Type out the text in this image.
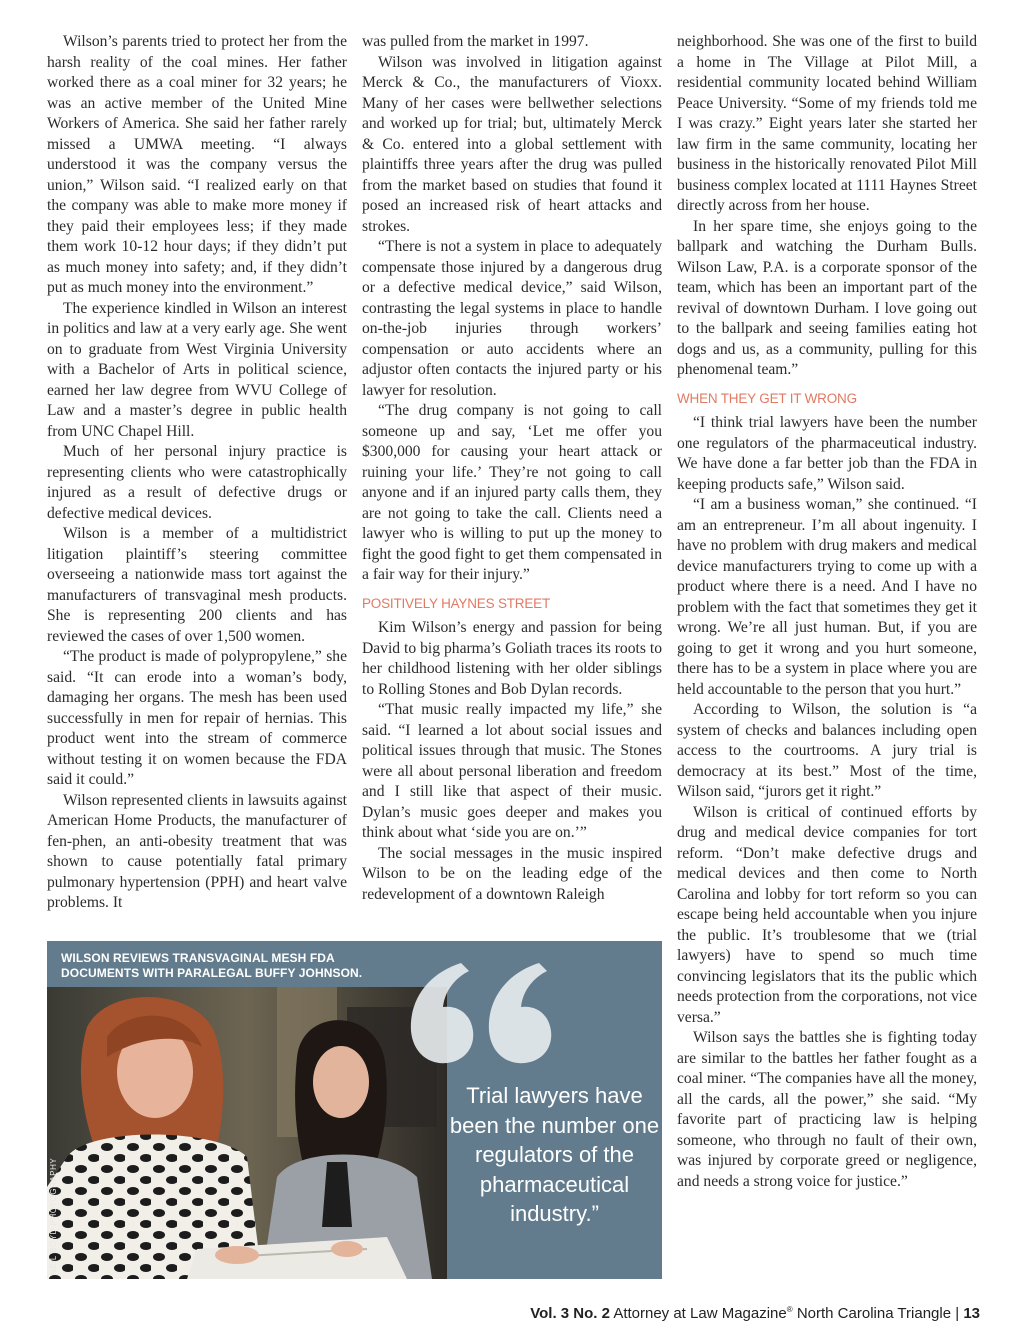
Wilson’s parents tried to protect her from the harsh reality of the coal mines. Her father worked there as a coal miner for 32 years; he was an active member of the United Mine Workers of America. She said her father rarely missed a UMWA meeting. “I always understood it was the company versus the union,” Wilson said. “I realized early on that the company was able to make more money if they paid their employees less; if they made them work 10-12 hour days; if they didn’t put as much money into safety; and, if they didn’t put as much money into the environment.”

The experience kindled in Wilson an interest in politics and law at a very early age. She went on to graduate from West Virginia University with a Bachelor of Arts in political science, earned her law degree from WVU College of Law and a master’s degree in public health from UNC Chapel Hill.

Much of her personal injury practice is representing clients who were catastrophically injured as a result of defective drugs or defective medical devices.

Wilson is a member of a multidistrict litigation plaintiff’s steering committee overseeing a nationwide mass tort against the manufacturers of transvaginal mesh products. She is representing 200 clients and has reviewed the cases of over 1,500 women.

“The product is made of polypropylene,” she said. “It can erode into a woman’s body, damaging her organs. The mesh has been used successfully in men for repair of hernias. This product went into the stream of commerce without testing it on women because the FDA said it could.”

Wilson represented clients in lawsuits against American Home Products, the manufacturer of fen-phen, an anti-obesity treatment that was shown to cause potentially fatal primary pulmonary hypertension (PPH) and heart valve problems. It

was pulled from the market in 1997.

Wilson was involved in litigation against Merck & Co., the manufacturers of Vioxx. Many of her cases were bellwether selections and worked up for trial; but, ultimately Merck & Co. entered into a global settlement with plaintiffs three years after the drug was pulled from the market based on studies that found it posed an increased risk of heart attacks and strokes.

“There is not a system in place to adequately compensate those injured by a dangerous drug or a defective medical device,” said Wilson, contrasting the legal systems in place to handle on-the-job injuries through workers’ compensation or auto accidents where an adjustor often contacts the injured party or his lawyer for resolution.

“The drug company is not going to call someone up and say, ‘Let me offer you $300,000 for causing your heart attack or ruining your life.’ They’re not going to call anyone and if an injured party calls them, they are not going to take the call. Clients need a lawyer who is willing to put up the money to fight the good fight to get them compensated in a fair way for their injury.”

POSITIVELY HAYNES STREET

Kim Wilson’s energy and passion for being David to big pharma’s Goliath traces its roots to her childhood listening with her older siblings to Rolling Stones and Bob Dylan records.

“That music really impacted my life,” she said. “I learned a lot about social issues and political issues through that music. The Stones were all about personal liberation and freedom and I still like that aspect of their music. Dylan’s music goes deeper and makes you think about what ‘side you are on.’”

The social messages in the music inspired Wilson to be on the leading edge of the redevelopment of a downtown Raleigh

neighborhood. She was one of the first to build a home in The Village at Pilot Mill, a residential community located behind William Peace University. “Some of my friends told me I was crazy.” Eight years later she started her law firm in the same community, locating her business in the historically renovated Pilot Mill business complex located at 1111 Haynes Street directly across from her house.

In her spare time, she enjoys going to the ballpark and watching the Durham Bulls. Wilson Law, P.A. is a corporate sponsor of the team, which has been an important part of the revival of downtown Durham. I love going out to the ballpark and seeing families eating hot dogs and us, as a community, pulling for this phenomenal team.”

WHEN THEY GET IT WRONG

“I think trial lawyers have been the number one regulators of the pharmaceutical industry. We have done a far better job than the FDA in keeping products safe,” Wilson said.

“I am a business woman,” she continued. “I am an entrepreneur. I’m all about ingenuity. I have no problem with drug makers and medical device manufacturers trying to come up with a product where there is a need. And I have no problem with the fact that sometimes they get it wrong. We’re all just human. But, if you are going to get it wrong and you hurt someone, there has to be a system in place where you are held accountable to the person that you hurt.”

According to Wilson, the solution is “a system of checks and balances including open access to the courtrooms. A jury trial is democracy at its best.” Most of the time, Wilson said, “jurors get it right.”

Wilson is critical of continued efforts by drug and medical device companies for tort reform. “Don’t make defective drugs and medical devices and then come to North Carolina and lobby for tort reform so you can escape being held accountable when you injure the public. It’s troublesome that we (trial lawyers) have to spend so much time convincing legislators that its the public which needs protection from the corporations, not vice versa.”

Wilson says the battles she is fighting today are similar to the battles her father fought as a coal miner. “The companies have all the money, all the cards, all the power,” she said. “My favorite part of practicing law is helping someone, who through no fault of their own, was injured by corporate greed or negligence, and needs a strong voice for justice.”

WILSON REVIEWS TRANSVAGINAL MESH FDA DOCUMENTS WITH PARALEGAL BUFFY JOHNSON.
NEIL BOYD PHOTOGRAPHY
Trial lawyers have been the number one regulators of the pharmaceutical industry.”
Vol. 3 No. 2 Attorney at Law Magazine® North Carolina Triangle | 13
